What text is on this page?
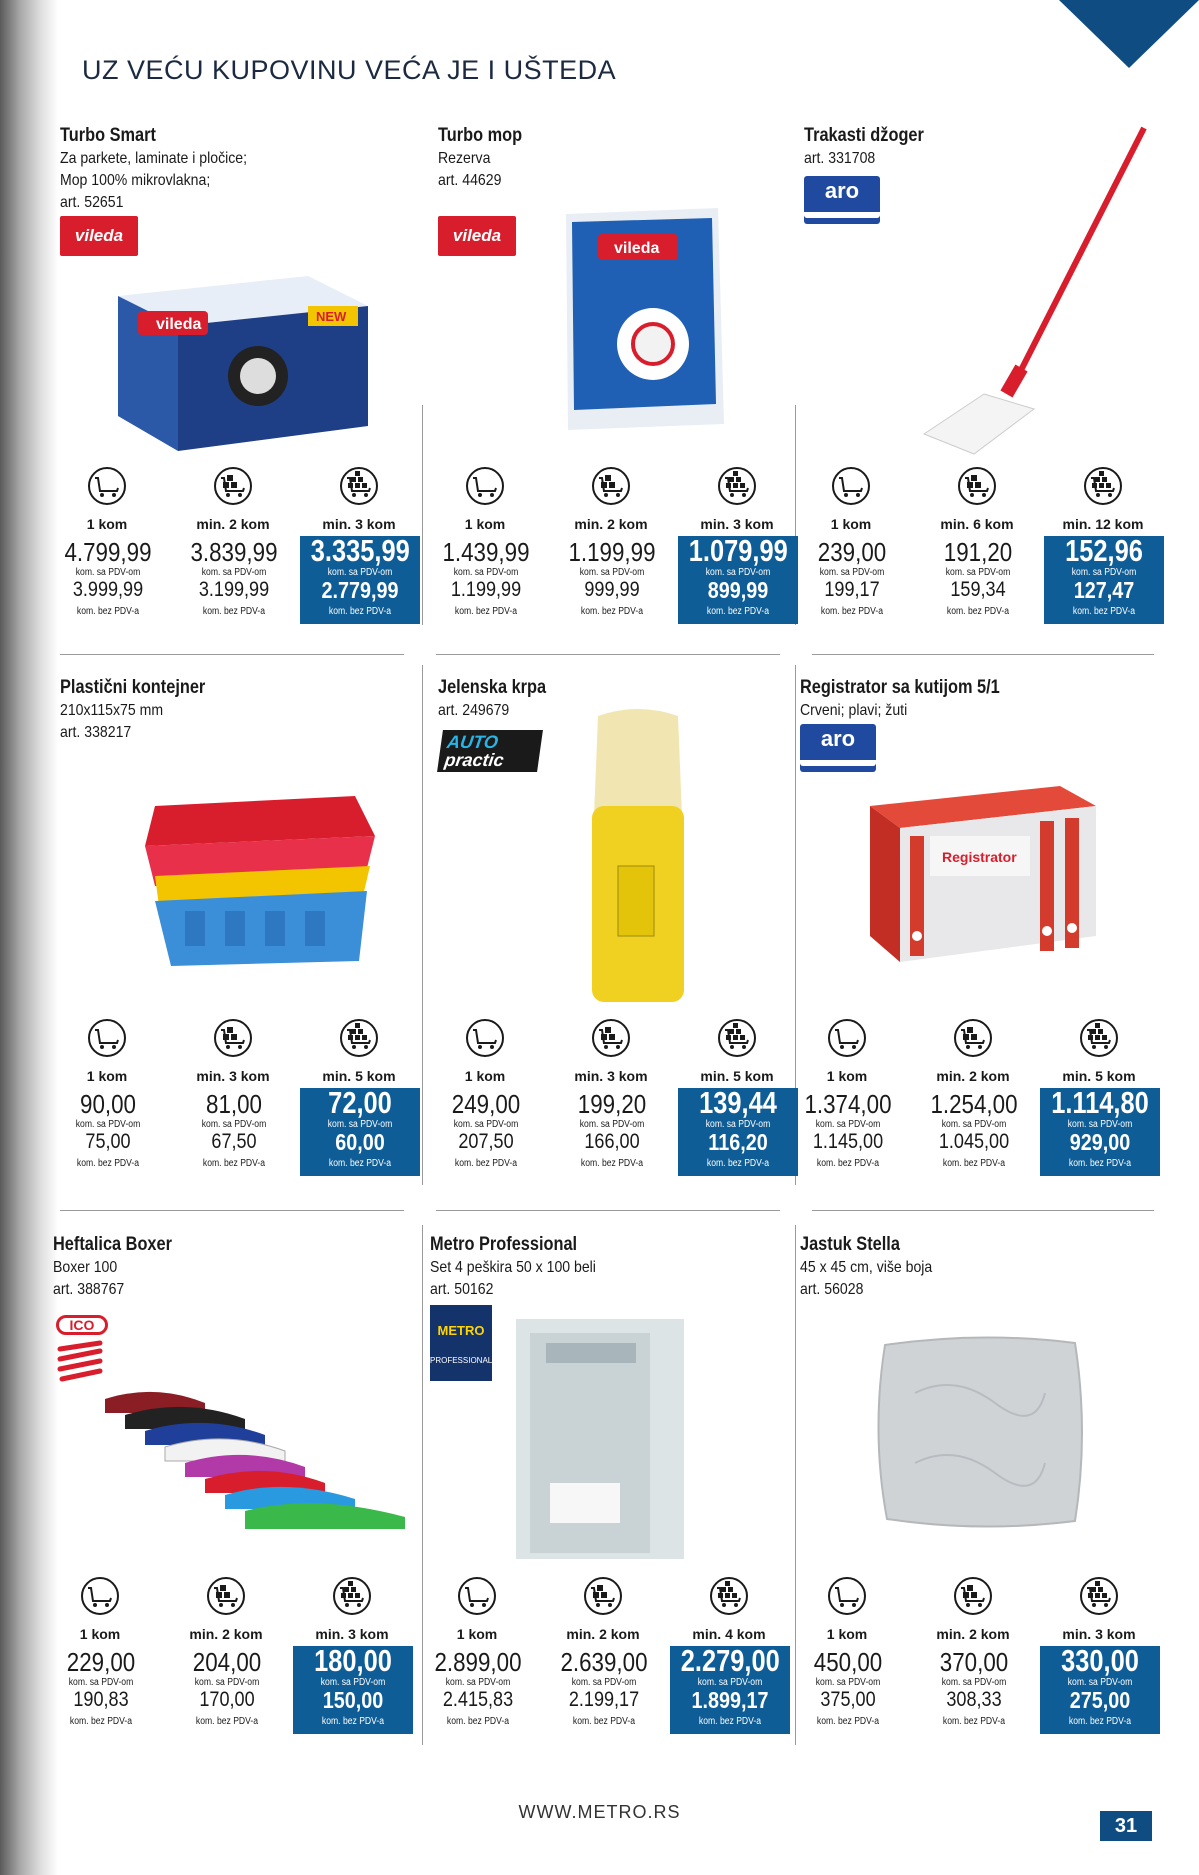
UZ VEĆU KUPOVINU VEĆA JE I UŠTEDA
Turbo Smart
Za parkete, laminate i pločice;
Mop 100% mikrovlakna;
art. 52651
vileda
vileda	NEW
Turbo mop
Rezerva
art. 44629
vileda
vileda
Trakasti džoger
art. 331708
aro
Plastični kontejner
210x115x75 mm
art. 338217
Jelenska krpa
art. 249679
AUTO
practic
Registrator sa kutijom 5/1
Crveni; plavi; žuti
aro
Registrator
Heftalica Boxer
Boxer 100
art. 388767
ICO
Metro Professional
Set 4 peškira 50 x 100 beli
art. 50162
METRO
PROFESSIONAL
Jastuk Stella
45 x 45 cm, više boja
art. 56028
WWW.METRO.RS
31
1 kom
4.799,99
kom. sa PDV-om
3.999,99
kom. bez PDV-a
min. 2 kom
3.839,99
kom. sa PDV-om
3.199,99
kom. bez PDV-a
min. 3 kom
3.335,99
kom. sa PDV-om
2.779,99
kom. bez PDV-a
1 kom
1.439,99
kom. sa PDV-om
1.199,99
kom. bez PDV-a
min. 2 kom
1.199,99
kom. sa PDV-om
999,99
kom. bez PDV-a
min. 3 kom
1.079,99
kom. sa PDV-om
899,99
kom. bez PDV-a
1 kom
239,00
kom. sa PDV-om
199,17
kom. bez PDV-a
min. 6 kom
191,20
kom. sa PDV-om
159,34
kom. bez PDV-a
min. 12 kom
152,96
kom. sa PDV-om
127,47
kom. bez PDV-a
1 kom
90,00
kom. sa PDV-om
75,00
kom. bez PDV-a
min. 3 kom
81,00
kom. sa PDV-om
67,50
kom. bez PDV-a
min. 5 kom
72,00
kom. sa PDV-om
60,00
kom. bez PDV-a
1 kom
249,00
kom. sa PDV-om
207,50
kom. bez PDV-a
min. 3 kom
199,20
kom. sa PDV-om
166,00
kom. bez PDV-a
min. 5 kom
139,44
kom. sa PDV-om
116,20
kom. bez PDV-a
1 kom
1.374,00
kom. sa PDV-om
1.145,00
kom. bez PDV-a
min. 2 kom
1.254,00
kom. sa PDV-om
1.045,00
kom. bez PDV-a
min. 5 kom
1.114,80
kom. sa PDV-om
929,00
kom. bez PDV-a
1 kom
229,00
kom. sa PDV-om
190,83
kom. bez PDV-a
min. 2 kom
204,00
kom. sa PDV-om
170,00
kom. bez PDV-a
min. 3 kom
180,00
kom. sa PDV-om
150,00
kom. bez PDV-a
1 kom
2.899,00
kom. sa PDV-om
2.415,83
kom. bez PDV-a
min. 2 kom
2.639,00
kom. sa PDV-om
2.199,17
kom. bez PDV-a
min. 4 kom
2.279,00
kom. sa PDV-om
1.899,17
kom. bez PDV-a
1 kom
450,00
kom. sa PDV-om
375,00
kom. bez PDV-a
min. 2 kom
370,00
kom. sa PDV-om
308,33
kom. bez PDV-a
min. 3 kom
330,00
kom. sa PDV-om
275,00
kom. bez PDV-a
